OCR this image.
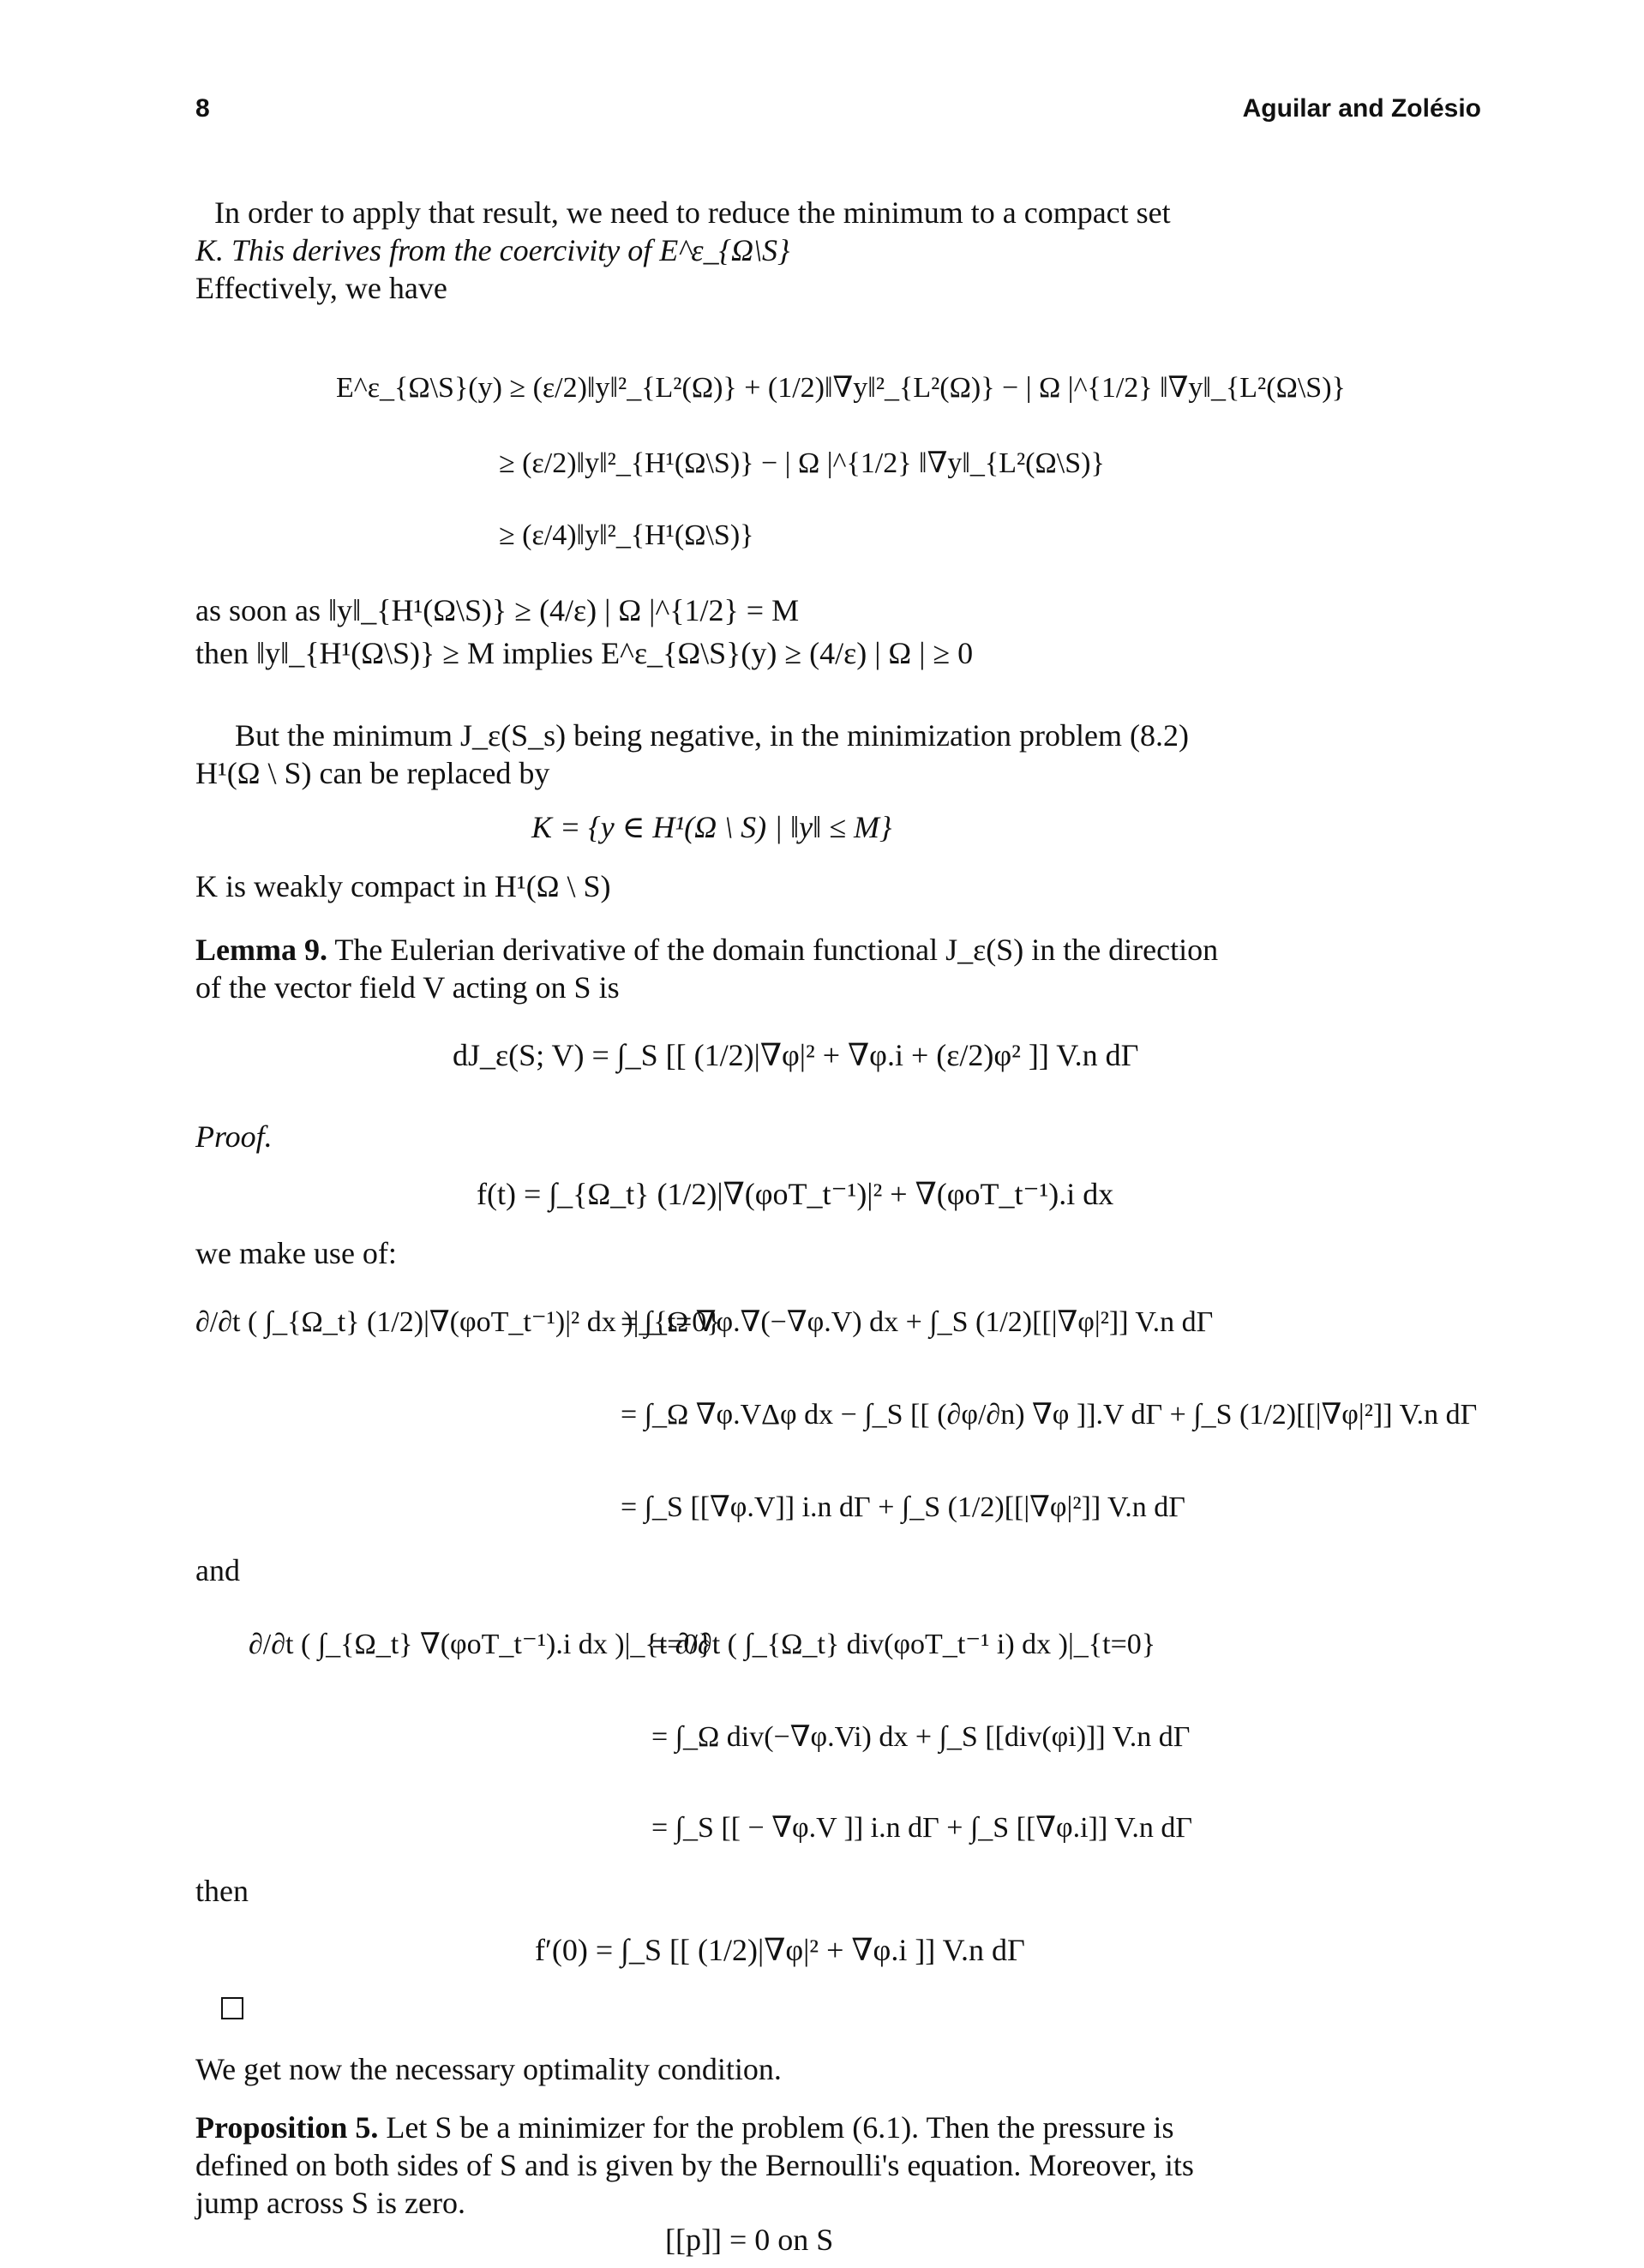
8	Aguilar and Zolésio
In order to apply that result, we need to reduce the minimum to a compact set
K. This derives from the coercivity of E^ε_{Ω\S}
Effectively, we have
E^ε_{Ω\S}(y) ≥ (ε/2)‖y‖²_{L²(Ω)} + (1/2)‖∇y‖²_{L²(Ω)} − | Ω |^{1/2} ‖∇y‖_{L²(Ω\S)}
≥ (ε/2)‖y‖²_{H¹(Ω\S)} − | Ω |^{1/2} ‖∇y‖_{L²(Ω\S)}
≥ (ε/4)‖y‖²_{H¹(Ω\S)}
as soon as ‖y‖_{H¹(Ω\S)} ≥ (4/ε) | Ω |^{1/2} = M
then ‖y‖_{H¹(Ω\S)} ≥ M implies E^ε_{Ω\S}(y) ≥ (4/ε) | Ω | ≥ 0
But the minimum J_ε(S_s) being negative, in the minimization problem (8.2)
H¹(Ω \ S) can be replaced by
K = {y ∈ H¹(Ω \ S) | ‖y‖ ≤ M}
K is weakly compact in H¹(Ω \ S)
Lemma 9. The Eulerian derivative of the domain functional J_ε(S) in the direction
of the vector field V acting on S is
dJ_ε(S; V) = ∫_S [[ (1/2)|∇φ|² + ∇φ.i + (ε/2)φ² ]] V.n dΓ
Proof.
f(t) = ∫_{Ω_t} (1/2)|∇(φoT_t⁻¹)|² + ∇(φoT_t⁻¹).i dx
we make use of:
∂/∂t ( ∫_{Ω_t} (1/2)|∇(φoT_t⁻¹)|² dx )|_{t=0}
= ∫_Ω ∇φ.∇(−∇φ.V) dx + ∫_S (1/2)[[|∇φ|²]] V.n dΓ
= ∫_Ω ∇φ.VΔφ dx − ∫_S [[ (∂φ/∂n) ∇φ ]].V dΓ + ∫_S (1/2)[[|∇φ|²]] V.n dΓ
= ∫_S [[∇φ.V]] i.n dΓ + ∫_S (1/2)[[|∇φ|²]] V.n dΓ
and
∂/∂t ( ∫_{Ω_t} ∇(φoT_t⁻¹).i dx )|_{t=0}
= ∂/∂t ( ∫_{Ω_t} div(φoT_t⁻¹ i) dx )|_{t=0}
= ∫_Ω div(−∇φ.Vi) dx + ∫_S [[div(φi)]] V.n dΓ
= ∫_S [[ − ∇φ.V ]] i.n dΓ + ∫_S [[∇φ.i]] V.n dΓ
then
f′(0) = ∫_S [[ (1/2)|∇φ|² + ∇φ.i ]] V.n dΓ
We get now the necessary optimality condition.
Proposition 5. Let S be a minimizer for the problem (6.1). Then the pressure is
defined on both sides of S and is given by the Bernoulli's equation. Moreover, its
jump across S is zero.
[[p]] = 0 on S
